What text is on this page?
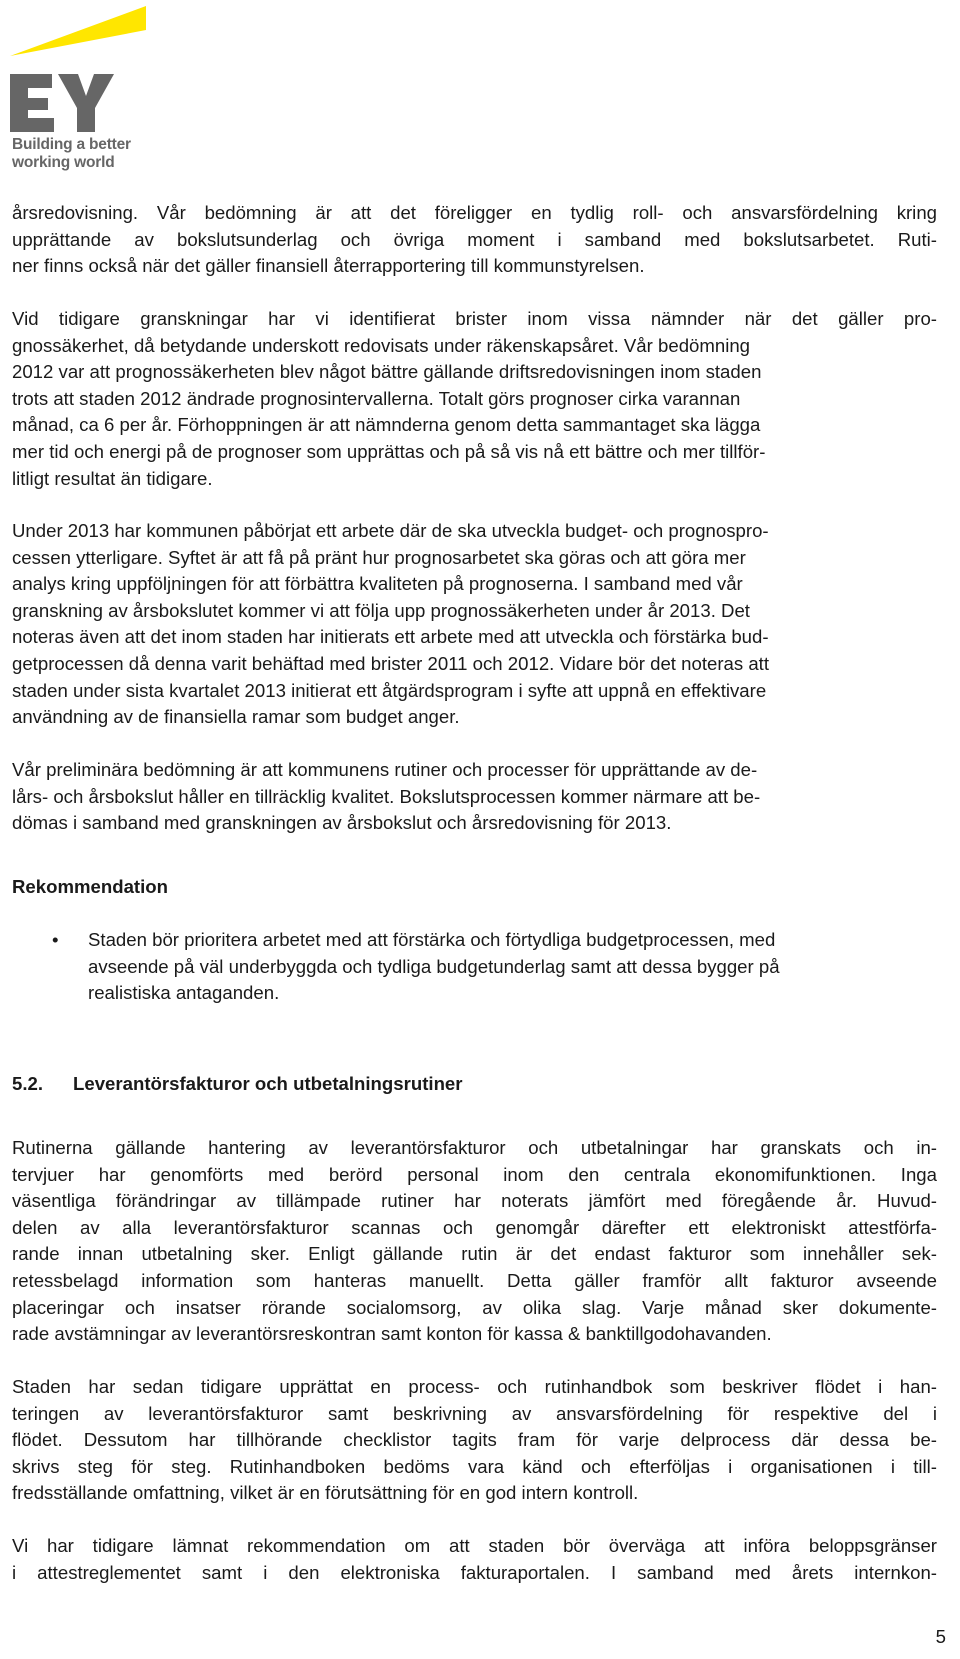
Building a better
working world

årsredovisning. Vår bedömning är att det föreligger en tydlig roll- och ansvarsfördelning kring
upprättande av bokslutsunderlag och övriga moment i samband med bokslutsarbetet. Ruti-
ner finns också när det gäller finansiell återrapportering till kommunstyrelsen.

Vid tidigare granskningar har vi identifierat brister inom vissa nämnder när det gäller pro-
gnossäkerhet, då betydande underskott redovisats under räkenskapsåret. Vår bedömning
2012 var att prognossäkerheten blev något bättre gällande driftsredovisningen inom staden
trots att staden 2012 ändrade prognosintervallerna. Totalt görs prognoser cirka varannan
månad, ca 6 per år. Förhoppningen är att nämnderna genom detta sammantaget ska lägga
mer tid och energi på de prognoser som upprättas och på så vis nå ett bättre och mer tillför-
litligt resultat än tidigare.

Under 2013 har kommunen påbörjat ett arbete där de ska utveckla budget- och prognospro-
cessen ytterligare. Syftet är att få på pränt hur prognosarbetet ska göras och att göra mer
analys kring uppföljningen för att förbättra kvaliteten på prognoserna. I samband med vår
granskning av årsbokslutet kommer vi att följa upp prognossäkerheten under år 2013. Det
noteras även att det inom staden har initierats ett arbete med att utveckla och förstärka bud-
getprocessen då denna varit behäftad med brister 2011 och 2012. Vidare bör det noteras att
staden under sista kvartalet 2013 initierat ett åtgärdsprogram i syfte att uppnå en effektivare
användning av de finansiella ramar som budget anger.

Vår preliminära bedömning är att kommunens rutiner och processer för upprättande av de-
lårs- och årsbokslut håller en tillräcklig kvalitet. Bokslutsprocessen kommer närmare att be-
dömas i samband med granskningen av årsbokslut och årsredovisning för 2013.

Rekommendation
• Staden bör prioritera arbetet med att förstärka och förtydliga budgetprocessen, med
avseende på väl underbyggda och tydliga budgetunderlag samt att dessa bygger på
realistiska antaganden.
5.2. Leverantörsfakturor och utbetalningsrutiner

Rutinerna gällande hantering av leverantörsfakturor och utbetalningar har granskats och in-
tervjuer har genomförts med berörd personal inom den centrala ekonomifunktionen. Inga
väsentliga förändringar av tillämpade rutiner har noterats jämfört med föregående år. Huvud-
delen av alla leverantörsfakturor scannas och genomgår därefter ett elektroniskt attestförfa-
rande innan utbetalning sker. Enligt gällande rutin är det endast fakturor som innehåller sek-
retessbelagd information som hanteras manuellt. Detta gäller framför allt fakturor avseende
placeringar och insatser rörande socialomsorg, av olika slag. Varje månad sker dokumente-
rade avstämningar av leverantörsreskontran samt konton för kassa & banktillgodohavanden.

Staden har sedan tidigare upprättat en process- och rutinhandbok som beskriver flödet i han-
teringen av leverantörsfakturor samt beskrivning av ansvarsfördelning för respektive del i
flödet. Dessutom har tillhörande checklistor tagits fram för varje delprocess där dessa be-
skrivs steg för steg. Rutinhandboken bedöms vara känd och efterföljas i organisationen i till-
fredsställande omfattning, vilket är en förutsättning för en god intern kontroll.

Vi har tidigare lämnat rekommendation om att staden bör överväga att införa beloppsgränser
i attestreglementet samt i den elektroniska fakturaportalen. I samband med årets internkon-

5
